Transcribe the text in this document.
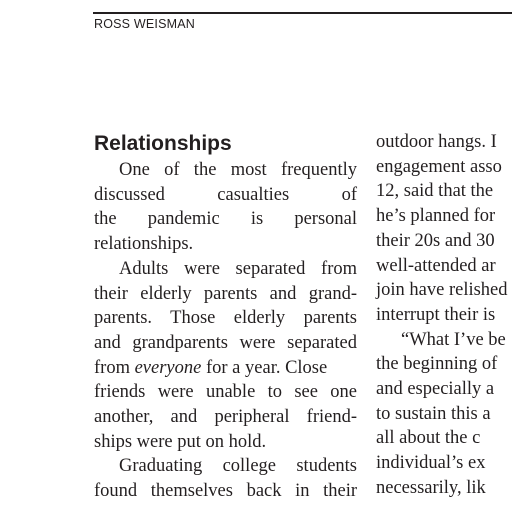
ROSS WEISMAN
Relationships
One of the most frequently
discussed casualties of
the pandemic is personal
relationships.
Adults were separated from
their elderly parents and grand-
parents. Those elderly parents
and grandparents were separated
from everyone for a year. Close
friends were unable to see one
another, and peripheral friend-
ships were put on hold.
Graduating college students
found themselves back in their
outdoor hangs. I
engagement asso
12, said that the
he’s planned for
their 20s and 30
well-attended ar
join have relished
interrupt their is
“What I’ve be
the beginning of
and especially a
to sustain this a
all about the c
individual’s ex
necessarily, lik
